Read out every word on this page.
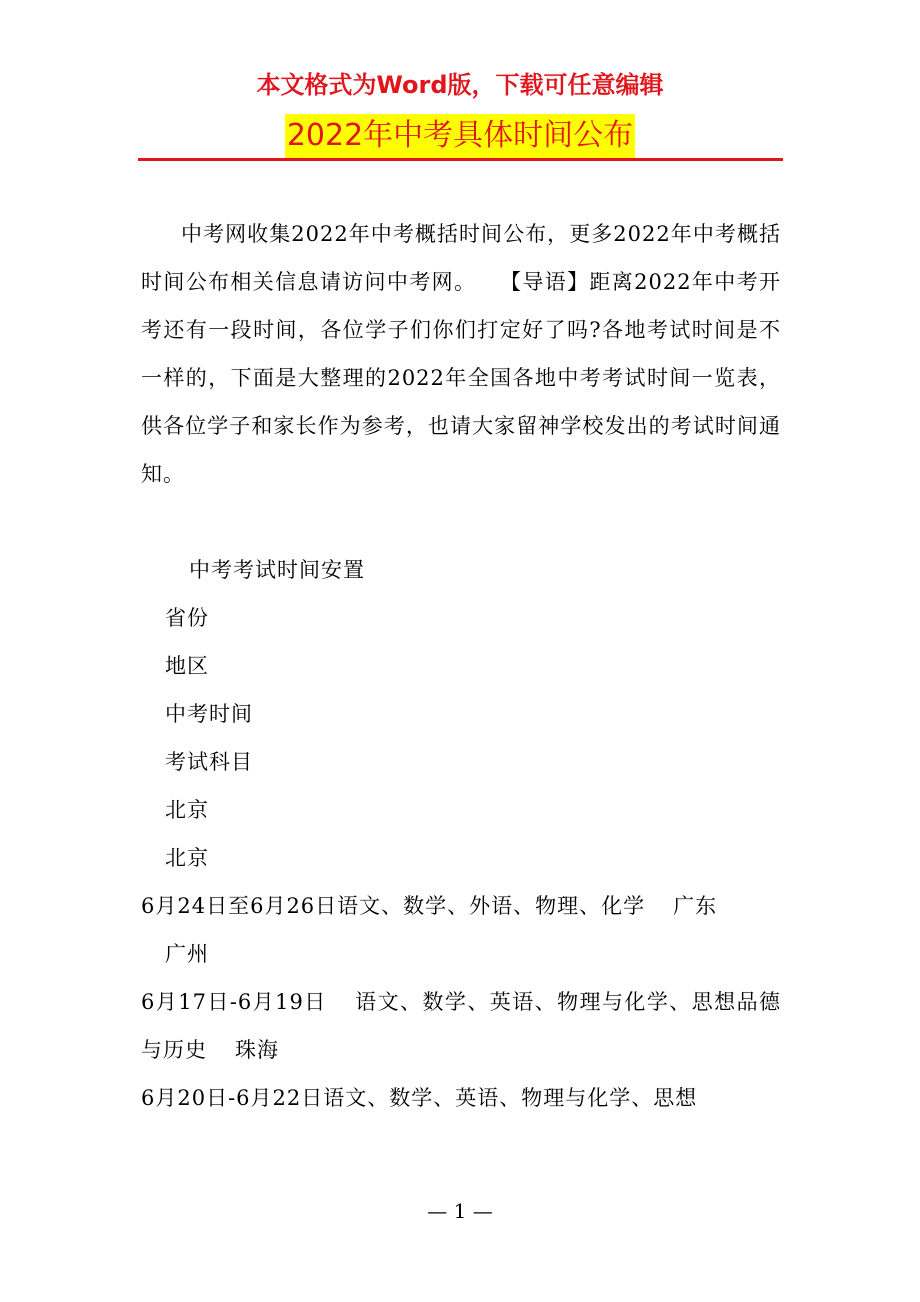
本文格式为Word版，下载可任意编辑
2022年中考具体时间公布

中考网收集2022年中考概括时间公布，更多2022年中考概括时间公布相关信息请访问中考网。　　【导语】距离2022年中考开考还有一段时间，各位学子们你们打定好了吗?各地考试时间是不一样的，下面是大整理的2022年全国各地中考考试时间一览表，供各位学子和家长作为参考，也请大家留神学校发出的考试时间通知。

中考考试时间安置

省份

地区

中考时间

考试科目

北京

北京

6月24日至6月26日语文、数学、外语、物理、化学 广东

广州

6月17日-6月19日 语文、数学、英语、物理与化学、思想品德与历史 珠海

6月20日-6月22日语文、数学、英语、物理与化学、思想

— 1 —
